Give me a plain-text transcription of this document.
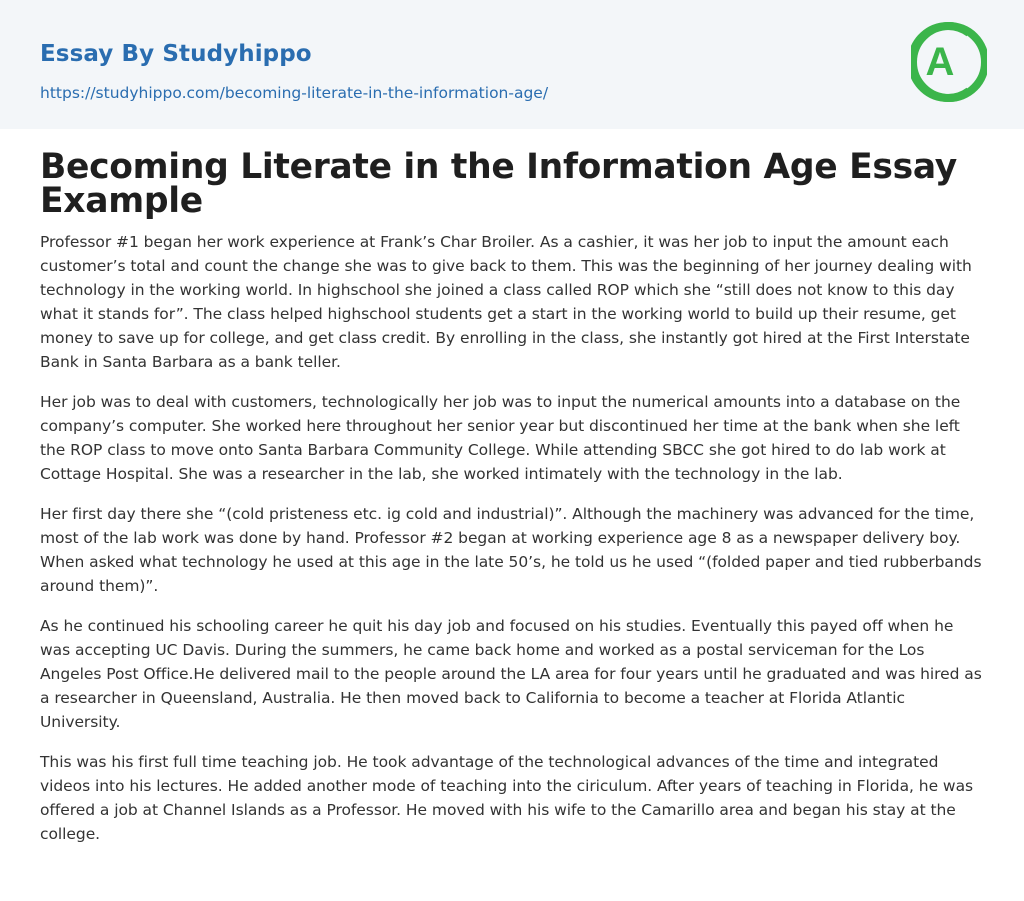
Essay By Studyhippo
https://studyhippo.com/becoming-literate-in-the-information-age/
A
Becoming Literate in the Information Age Essay Example

Professor #1 began her work experience at Frank’s Char Broiler. As a cashier, it was her job to input the amount each customer’s total and count the change she was to give back to them. This was the beginning of her journey dealing with technology in the working world. In highschool she joined a class called ROP which she “still does not know to this day what it stands for”. The class helped highschool students get a start in the working world to build up their resume, get money to save up for college, and get class credit. By enrolling in the class, she instantly got hired at the First Interstate Bank in Santa Barbara as a bank teller.

Her job was to deal with customers, technologically her job was to input the numerical amounts into a database on the company’s computer. She worked here throughout her senior year but discontinued her time at the bank when she left the ROP class to move onto Santa Barbara Community College. While attending SBCC she got hired to do lab work at Cottage Hospital. She was a researcher in the lab, she worked intimately with the technology in the lab.

Her first day there she “(cold pristeness etc. ig cold and industrial)”. Although the machinery was advanced for the time, most of the lab work was done by hand. Professor #2 began at working experience age 8 as a newspaper delivery boy. When asked what technology he used at this age in the late 50’s, he told us he used “(folded paper and tied rubberbands around them)”.

As he continued his schooling career he quit his day job and focused on his studies. Eventually this payed off when he was accepting UC Davis. During the summers, he came back home and worked as a postal serviceman for the Los Angeles Post Office.He delivered mail to the people around the LA area for four years until he graduated and was hired as a researcher in Queensland, Australia. He then moved back to California to become a teacher at Florida Atlantic University.

This was his first full time teaching job. He took advantage of the technological advances of the time and integrated videos into his lectures. He added another mode of teaching into the ciriculum. After years of teaching in Florida, he was offered a job at Channel Islands as a Professor. He moved with his wife to the Camarillo area and began his stay at the college.
